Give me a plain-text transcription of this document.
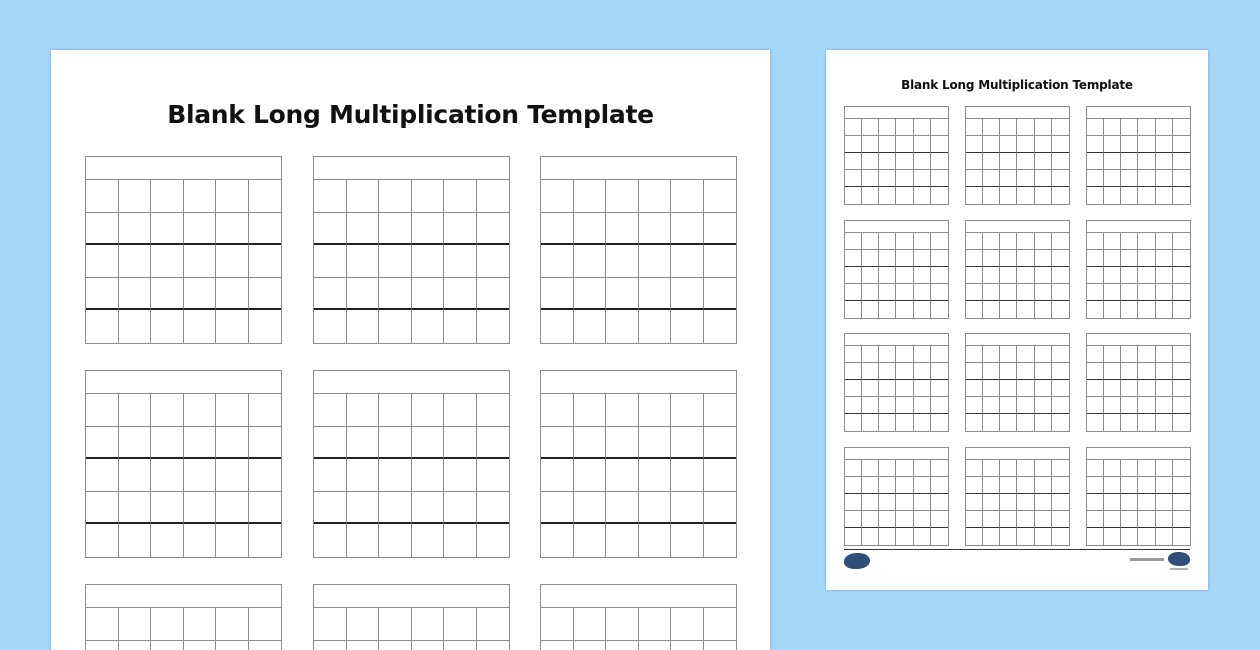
Blank Long Multiplication Template
Blank Long Multiplication Template
